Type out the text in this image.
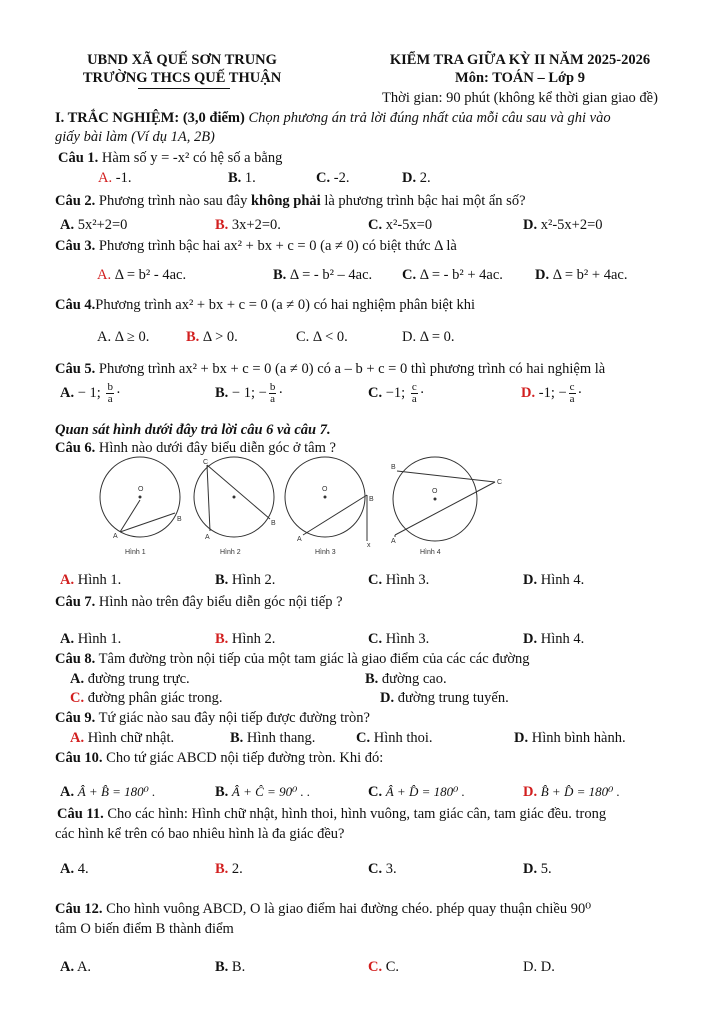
UBND XÃ QUẾ SƠN TRUNG
TRƯỜNG THCS QUẾ THUẬN
KIỂM TRA GIỮA KỲ II NĂM 2025-2026
Môn: TOÁN – Lớp 9
Thời gian: 90 phút (không kể thời gian giao đề)
I. TRẮC NGHIỆM: (3,0 điểm) Chọn phương án trả lời đúng nhất của mỗi câu sau và ghi vào
giấy bài làm (Ví dụ 1A, 2B)
Câu 1. Hàm số y = -x² có hệ số a bằng
A. -1.	B. 1.	C. -2.	D. 2.
Câu 2. Phương trình nào sau đây không phải là phương trình bậc hai một ẩn số?
A. 5x²+2=0	B. 3x+2=0.	C. x²-5x=0	D. x²-5x+2=0
Câu 3. Phương trình bậc hai ax² + bx + c = 0 (a ≠ 0) có biệt thức Δ là
A. Δ = b² - 4ac.	B. Δ = - b² – 4ac. C. Δ = - b² + 4ac. D. Δ = b² + 4ac.
Câu 4.Phương trình ax² + bx + c = 0 (a ≠ 0) có hai nghiệm phân biệt khi
A. Δ ≥ 0.	B. Δ > 0.	C. Δ < 0.	D. Δ = 0.
Câu 5. Phương trình ax² + bx + c = 0 (a ≠ 0) có a – b + c = 0 thì phương trình có hai nghiệm là
A. − 1; $\frac{b}{a}$ ·	B. − 1; − $\frac{b}{a}$ ·	C. −1; $\frac{c}{a}$ ·	D. -1; − $\frac{c}{a}$ ·
Quan sát hình dưới đây trả lời câu 6 và câu 7.
Câu 6. Hình nào dưới đây biểu diễn góc ở tâm ?
O
A
B
C
A
B
O
B
A
x
O
B
C
A
Hình 1	Hình 2	Hình 3	Hình 4
A. Hình 1.	B. Hình 2.	C. Hình 3.	D. Hình 4.
Câu 7. Hình nào trên đây biểu diễn góc nội tiếp ?
A. Hình 1.	B. Hình 2.	C. Hình 3.	D. Hình 4.
Câu 8. Tâm đường tròn nội tiếp của một tam giác là giao điểm của các các đường
A. đường trung trực.	B. đường cao.
C. đường phân giác trong.	D. đường trung tuyến.
Câu 9. Tứ giác nào sau đây nội tiếp được đường tròn?
A. Hình chữ nhật.	B. Hình thang.	C. Hình thoi.	D. Hình bình hành.
Câu 10. Cho tứ giác ABCD nội tiếp đường tròn. Khi đó:
A. Â + B̂ = 180⁰ .	B. Â + Ĉ = 90⁰ . .	C. Â + D̂ = 180⁰ .	D. B̂ + D̂ = 180⁰ .
Câu 11. Cho các hình: Hình chữ nhật, hình thoi, hình vuông, tam giác cân, tam giác đều. trong
các hình kể trên có bao nhiêu hình là đa giác đều?
A. 4.	B. 2.	C. 3.	D. 5.
Câu 12. Cho hình vuông ABCD, O là giao điểm hai đường chéo. phép quay thuận chiều 90⁰
tâm O biến điểm B thành điểm
A. A.	B. B.	C. C.	D. D.
